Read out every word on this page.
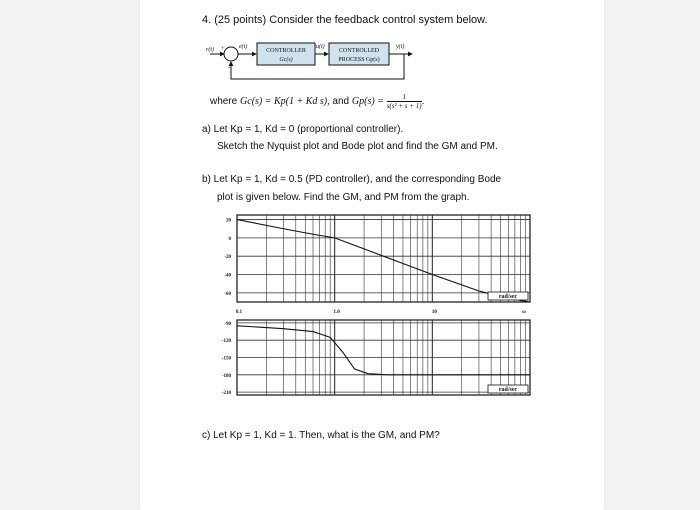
4. (25 points) Consider the feedback control system below.
r(t) +
-
e(t)
CONTROLLER
Gc(s)
u(t)
CONTROLLED
PROCESS Gp(s)
y(t)
where Gc(s) = Kp(1 + Kd s), and $Gp(s) = \frac{1}{\text{s(s² + s + 1)}}$ .
a) Let Kp = 1, Kd = 0 (proportional controller).
Sketch the Nyquist plot and Bode plot and find the GM and PM.
b) Let Kp = 1, Kd = 0.5 (PD controller), and the corresponding Bode
plot is given below. Find the GM, and PM from the graph.
20
0
-20
-40
-60	rad/sec
-90
-120
-150
-180
-210
rad/sec
0.1	1.0	10	ω
c) Let Kp = 1, Kd = 1. Then, what is the GM, and PM?
